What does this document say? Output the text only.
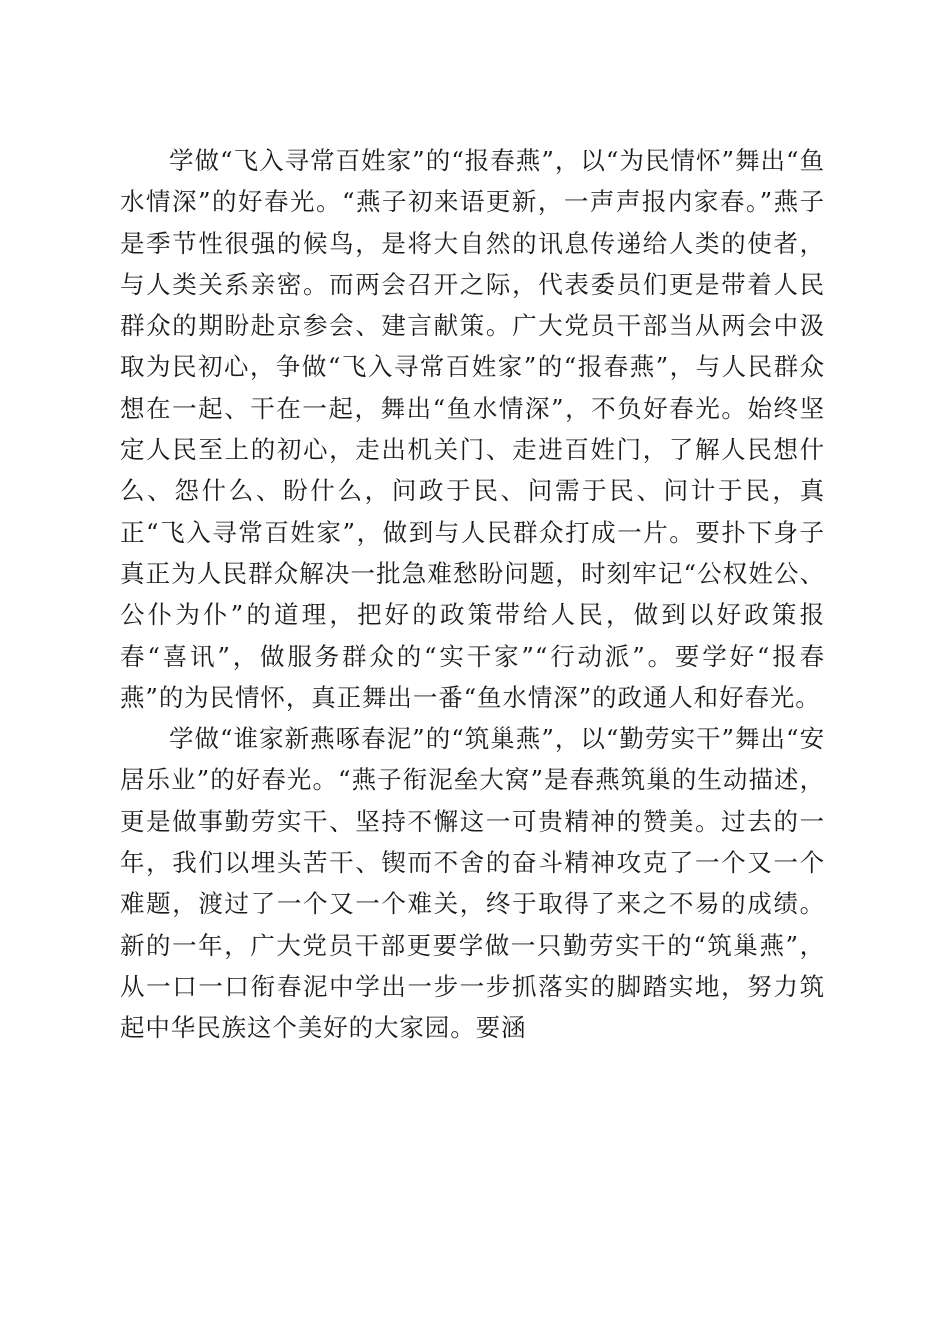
学做“飞入寻常百姓家”的“报春燕”，以“为民情怀”舞出“鱼水情深”的好春光。“燕子初来语更新，一声声报内家春。”燕子是季节性很强的候鸟，是将大自然的讯息传递给人类的使者，与人类关系亲密。而两会召开之际，代表委员们更是带着人民群众的期盼赴京参会、建言献策。广大党员干部当从两会中汲取为民初心，争做“飞入寻常百姓家”的“报春燕”，与人民群众想在一起、干在一起，舞出“鱼水情深”，不负好春光。始终坚定人民至上的初心，走出机关门、走进百姓门，了解人民想什么、怨什么、盼什么，问政于民、问需于民、问计于民，真正“飞入寻常百姓家”，做到与人民群众打成一片。要扑下身子真正为人民群众解决一批急难愁盼问题，时刻牢记“公权姓公、公仆为仆”的道理，把好的政策带给人民，做到以好政策报春“喜讯”，做服务群众的“实干家”“行动派”。要学好“报春燕”的为民情怀，真正舞出一番“鱼水情深”的政通人和好春光。

学做“谁家新燕啄春泥”的“筑巢燕”，以“勤劳实干”舞出“安居乐业”的好春光。“燕子衔泥垒大窝”是春燕筑巢的生动描述，更是做事勤劳实干、坚持不懈这一可贵精神的赞美。过去的一年，我们以埋头苦干、锲而不舍的奋斗精神攻克了一个又一个难题，渡过了一个又一个难关，终于取得了来之不易的成绩。新的一年，广大党员干部更要学做一只勤劳实干的“筑巢燕”，从一口一口衔春泥中学出一步一步抓落实的脚踏实地，努力筑起中华民族这个美好的大家园。要涵
